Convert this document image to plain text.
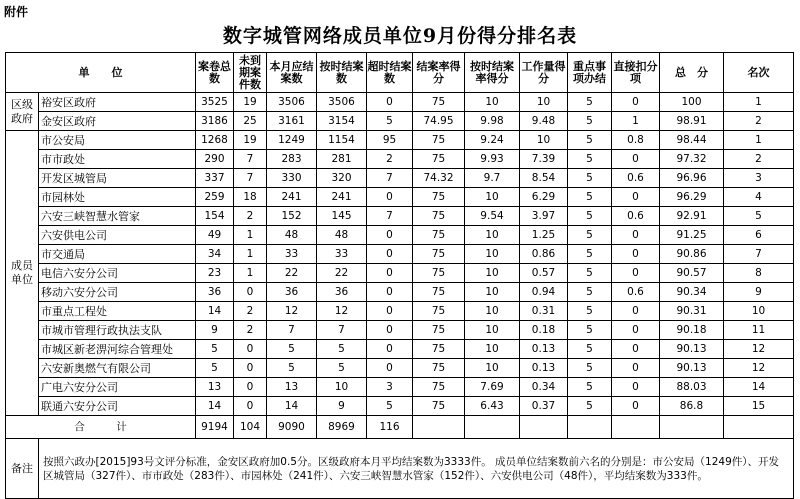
附件
数字城管网络成员单位9月份得分排名表
单　　位		案卷总数	未到期案件数	本月应结案数	按时结案数	超时结案数	结案率得分	按时结案率得分	工作量得分	重点事项办结	直接扣分项	总　分	名次
区级政府	裕安区政府	3525	19	3506	3506	0	75	10	10	5	0	100	1
	金安区政府	3186	25	3161	3154	5	74.95	9.98	9.48	5	1	98.91	2
成员单位	市公安局	1268	19	1249	1154	95	75	9.24	10	5	0.8	98.44	1
	市市政处	290	7	283	281	2	75	9.93	7.39	5	0	97.32	2
	开发区城管局	337	7	330	320	7	74.32	9.7	8.54	5	0.6	96.96	3
	市园林处	259	18	241	241	0	75	10	6.29	5	0	96.29	4
	六安三峡智慧水管家	154	2	152	145	7	75	9.54	3.97	5	0.6	92.91	5
	六安供电公司	49	1	48	48	0	75	10	1.25	5	0	91.25	6
	市交通局	34	1	33	33	0	75	10	0.86	5	0	90.86	7
	电信六安分公司	23	1	22	22	0	75	10	0.57	5	0	90.57	8
	移动六安分公司	36	0	36	36	0	75	10	0.94	5	0.6	90.34	9
	市重点工程处	14	2	12	12	0	75	10	0.31	5	0	90.31	10
	市城市管理行政执法支队	9	2	7	7	0	75	10	0.18	5	0	90.18	11
	市城区新老淠河综合管理处	5	0	5	5	0	75	10	0.13	5	0	90.13	12
	六安新奥燃气有限公司	5	0	5	5	0	75	10	0.13	5	0	90.13	12
	广电六安分公司	13	0	13	10	3	75	7.69	0.34	5	0	88.03	14
	联通六安分公司	14	0	14	9	5	75	6.43	0.37	5	0	86.8	15
合　　　计		9194	104	9090	8969	116							
备注	按照六政办[2015]93号文评分标准，金安区政府加0.5分。区级政府本月平均结案数为3333件。 成员单位结案数前六名的分别是：市公安局（1249件）、开发区城管局（327件）、市市政处（283件）、市园林处（241件）、六安三峡智慧水管家（152件）、六安供电公司（48件），平均结案数为333件。												
